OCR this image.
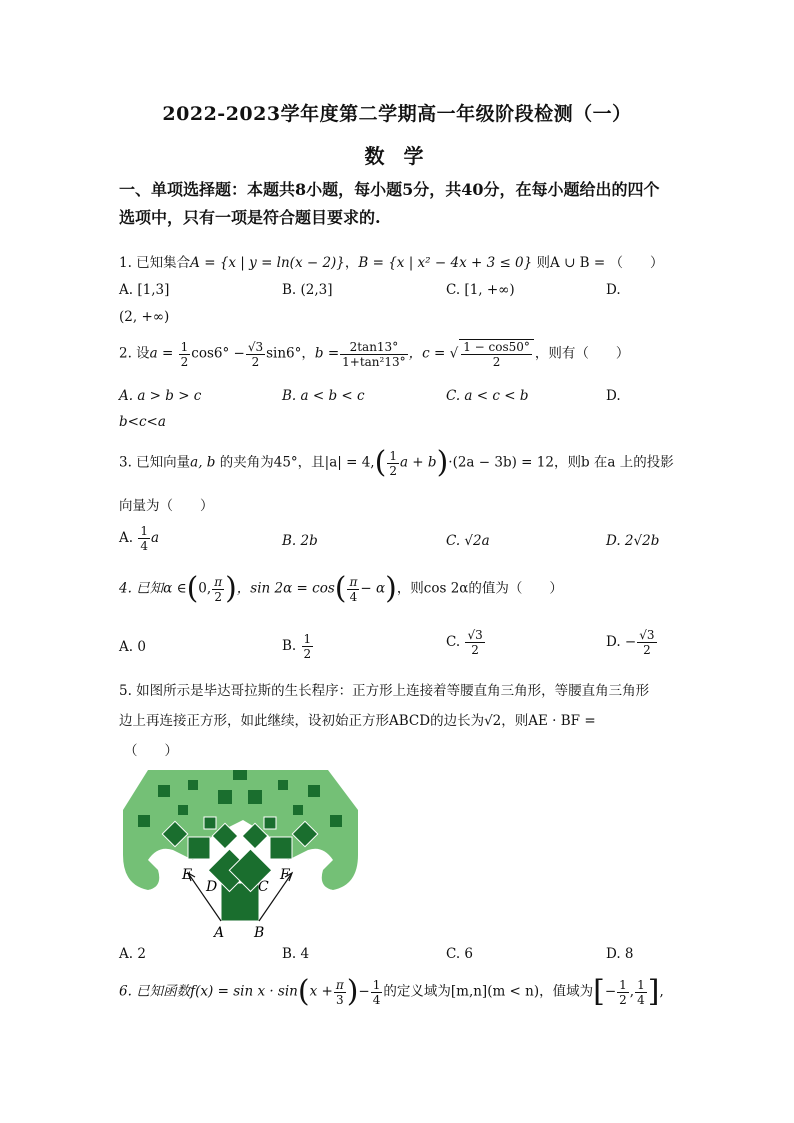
2022-2023学年度第二学期高一年级阶段检测（一）
数 学
一、单项选择题：本题共8小题，每小题5分，共40分，在每小题给出的四个
选项中，只有一项是符合题目要求的.
1. 已知集合A = {x | y = ln(x − 2)}，B = {x | x² − 4x + 3 ≤ 0} 则A ∪ B = （　　）
A. [1,3]	B. (2,3]	C. [1, +∞)	D.
(2, +∞)
2. 设$a = \frac{1}{2} \cos 6^\circ - \frac{√3}{2} \sin 6^\circ$，$b = \frac{2\tan 13^\circ}{\text{1+tan²13°}}$ ，c = √ $\frac{1 - \cos 50^\circ}{2}$ ，则有（　　）
A. a > b > c	B. a < b < c	C. a < c < b	D.
b<c<a
3. 已知向量a, b 的夹角为45°，且$|a| = 4,( \frac{1}{2}$ a + b)·(2a − 3b) = 12，则b 在a 上的投影
向量为（　　）
A. $\frac{1}{4}$ a	B. 2b	C. √2a	D. 2√2b
4. 已知α ∈(0, $\frac{\pi}{2}$ )，$\sin 2\alpha = \cos( \frac{\pi}{4} - \alpha)$，则cos 2α的值为（　　）
A. 0	B. $\frac{1}{2}$	C. $\frac{√3}{2}$	D. − $\frac{√3}{2}$
5. 如图所示是毕达哥拉斯的生长程序：正方形上连接着等腰直角三角形，等腰直角三角形
边上再连接正方形，如此继续，设初始正方形ABCD的边长为√2，则AE · BF =
（　　）
E
D	C
F
A B
A. 2	B. 4	C. 6	D. 8
6. 已知函数$f(x) = \sin x \cdot \sin(x + \frac{\pi}{3}$ )− $\frac{1}{4}$ 的定义域为[m,n](m < n)，值域为[− $\frac{1}{2}$ , $\frac{1}{4}$ ],
